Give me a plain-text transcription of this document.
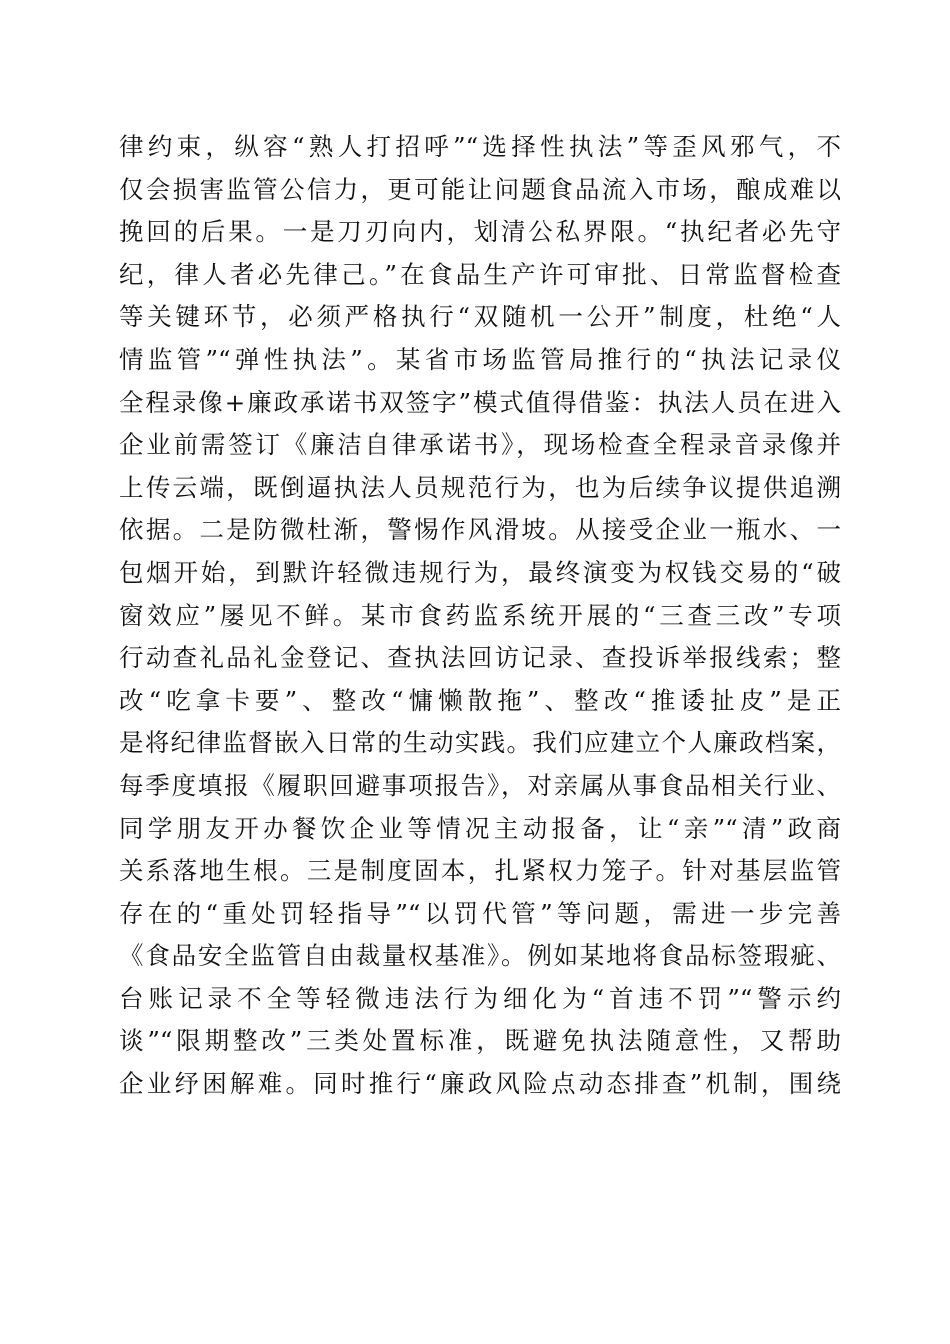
律约束，纵容“熟人打招呼”“选择性执法”等歪风邪气，不
仅会损害监管公信力，更可能让问题食品流入市场，酿成难以
挽回的后果。一是刀刃向内，划清公私界限。“执纪者必先守
纪，律人者必先律己。”在食品生产许可审批、日常监督检查
等关键环节，必须严格执行“双随机一公开”制度，杜绝“人
情监管”“弹性执法”。某省市场监管局推行的“执法记录仪
全程录像+廉政承诺书双签字”模式值得借鉴：执法人员在进入
企业前需签订《廉洁自律承诺书》，现场检查全程录音录像并
上传云端，既倒逼执法人员规范行为，也为后续争议提供追溯
依据。二是防微杜渐，警惕作风滑坡。从接受企业一瓶水、一
包烟开始，到默许轻微违规行为，最终演变为权钱交易的“破
窗效应”屡见不鲜。某市食药监系统开展的“三查三改”专项
行动查礼品礼金登记、查执法回访记录、查投诉举报线索；整
改“吃拿卡要”、整改“慵懒散拖”、整改“推诿扯皮”是正
是将纪律监督嵌入日常的生动实践。我们应建立个人廉政档案，
每季度填报《履职回避事项报告》，对亲属从事食品相关行业、
同学朋友开办餐饮企业等情况主动报备，让“亲”“清”政商
关系落地生根。三是制度固本，扎紧权力笼子。针对基层监管
存在的“重处罚轻指导”“以罚代管”等问题，需进一步完善
《食品安全监管自由裁量权基准》。例如某地将食品标签瑕疵、
台账记录不全等轻微违法行为细化为“首违不罚”“警示约
谈”“限期整改”三类处置标准，既避免执法随意性，又帮助
企业纾困解难。同时推行“廉政风险点动态排查”机制，围绕
